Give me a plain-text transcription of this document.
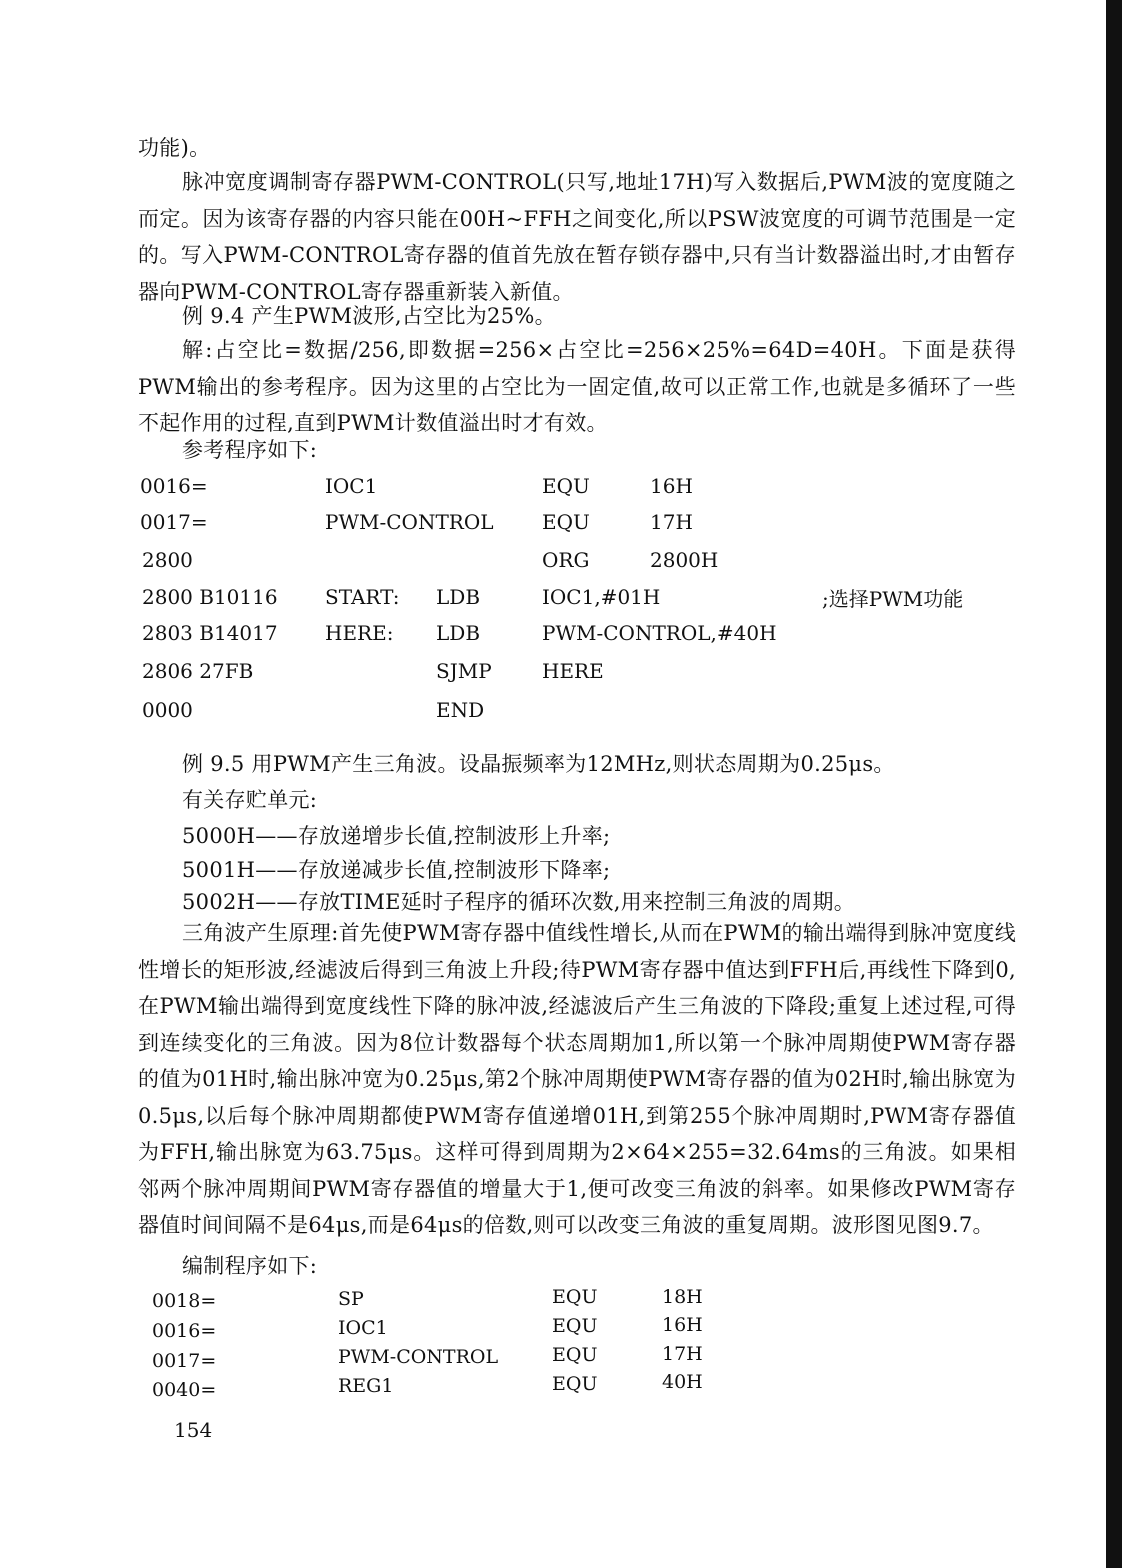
功能)。
脉冲宽度调制寄存器PWM-CONTROL(只写,地址17H)写入数据后,PWM波的宽度随之而定。因为该寄存器的内容只能在00H~FFH之间变化,所以PSW波宽度的可调节范围是一定的。写入PWM-CONTROL寄存器的值首先放在暂存锁存器中,只有当计数器溢出时,才由暂存器向PWM-CONTROL寄存器重新装入新值。
例 9.4 产生PWM波形,占空比为25%。
解:占空比=数据/256,即数据=256×占空比=256×25%=64D=40H。下面是获得PWM输出的参考程序。因为这里的占空比为一固定值,故可以正常工作,也就是多循环了一些不起作用的过程,直到PWM计数值溢出时才有效。
参考程序如下:
0016=	IOC1	EQU	16H
0017=	PWM-CONTROL EQU	17H
2800	ORG	2800H
2800 B10116 START: LDB	IOC1,#01H	;选择PWM功能
2803 B14017 HERE: LDB	PWM-CONTROL,#40H
2806 27FB	SJMP	HERE
0000	END
例 9.5 用PWM产生三角波。设晶振频率为12MHz,则状态周期为0.25μs。
有关存贮单元:
5000H——存放递增步长值,控制波形上升率;
5001H——存放递减步长值,控制波形下降率;
5002H——存放TIME延时子程序的循环次数,用来控制三角波的周期。
三角波产生原理:首先使PWM寄存器中值线性增长,从而在PWM的输出端得到脉冲宽度线性增长的矩形波,经滤波后得到三角波上升段;待PWM寄存器中值达到FFH后,再线性下降到0,在PWM输出端得到宽度线性下降的脉冲波,经滤波后产生三角波的下降段;重复上述过程,可得到连续变化的三角波。因为8位计数器每个状态周期加1,所以第一个脉冲周期使PWM寄存器的值为01H时,输出脉冲宽为0.25μs,第2个脉冲周期使PWM寄存器的值为02H时,输出脉宽为0.5μs,以后每个脉冲周期都使PWM寄存值递增01H,到第255个脉冲周期时,PWM寄存器值为FFH,输出脉宽为63.75μs。这样可得到周期为2×64×255=32.64ms的三角波。如果相邻两个脉冲周期间PWM寄存器值的增量大于1,便可改变三角波的斜率。如果修改PWM寄存器值时间间隔不是64μs,而是64μs的倍数,则可以改变三角波的重复周期。波形图见图9.7。
编制程序如下:
0018=	SP	EQU	18H
0016=	IOC1	EQU	16H
0017=	PWM-CONTROL	EQU	17H
0040=	REG1	EQU	40H
154
